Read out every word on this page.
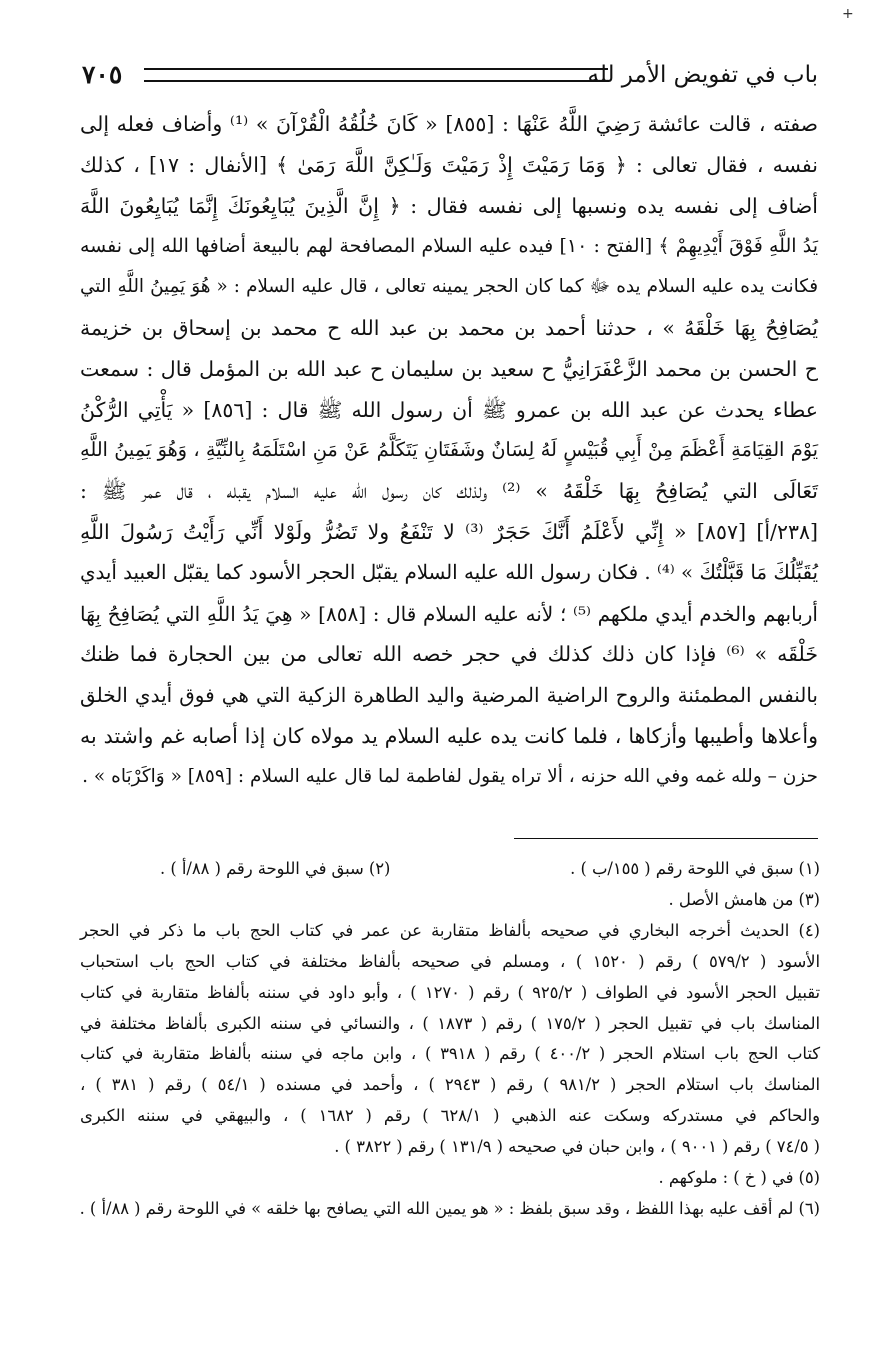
+
٧٠٥	باب في تفويض الأمر لله
صفته ، قالت عائشة رَضِيَ اللَّهُ عَنْهَا : [٨٥٥] « كَانَ خُلُقُهُ الْقُرْآنَ » ⁽¹⁾ وأضاف فعله إلى
نفسه ، فقال تعالى : ﴿ وَمَا رَمَيْتَ إِذْ رَمَيْتَ وَلَـٰكِنَّ اللَّهَ رَمَىٰ ﴾ [الأنفال : ١٧] ، كذلك
أضاف إلى نفسه يده ونسبها إلى نفسه فقال : ﴿ إِنَّ الَّذِينَ يُبَايِعُونَكَ إِنَّمَا يُبَايِعُونَ اللَّهَ
يَدُ اللَّهِ فَوْقَ أَيْدِيهِمْ ﴾ [الفتح : ١٠] فيده عليه السلام المصافحة لهم بالبيعة أضافها الله إلى نفسه
فكانت يده عليه السلام يده ﷻ كما كان الحجر يمينه تعالى ، قال عليه السلام : « هُوَ يَمِينُ اللَّهِ التي
يُصَافِحُ بِهَا خَلْقَهُ » ، حدثنا أحمد بن محمد بن عبد الله ح محمد بن إسحاق بن خزيمة
ح الحسن بن محمد الزَّعْفَرَانِيُّ ح سعيد بن سليمان ح عبد الله بن المؤمل قال : سمعت
عطاء يحدث عن عبد الله بن عمرو ﷺ أن رسول الله ﷺ قال : [٨٥٦] « يَأْتِي الرُّكْنُ
يَوْمَ القِيَامَةِ أَعْظَمَ مِنْ أَبِي قُبَيْسٍ لَهُ لِسَانٌ وشَفَتَانِ يَتَكَلَّمُ عَنْ مَنِ اسْتَلَمَهُ بِالنِّيَّةِ ، وَهُوَ يَمِينُ اللَّهِ
تَعَالَى التي يُصَافِحُ بِهَا خَلْقَهُ » ⁽²⁾ ولذلك كان رسول الله عليه السلام يقبله ، قال عمر ﷺ :
[٢٣٨/أ] [٨٥٧] « إِنِّي لأَعْلَمُ أَنَّكَ حَجَرٌ ⁽³⁾ لا تَنْفَعُ ولا تَضُرُّ ولَوْلا أَنِّي رَأَيْتُ رَسُولَ اللَّهِ
يُقَبِّلُكَ مَا قَبَّلْتُكَ » ⁽⁴⁾ . فكان رسول الله عليه السلام يقبّل الحجر الأسود كما يقبّل العبيد أيدي
أربابهم والخدم أيدي ملكهم ⁽⁵⁾ ؛ لأنه عليه السلام قال : [٨٥٨] « هِيَ يَدُ اللَّهِ التي يُصَافِحُ بِهَا
خَلْقَه » ⁽⁶⁾ فإذا كان ذلك كذلك في حجر خصه الله تعالى من بين الحجارة فما ظنك
بالنفس المطمئنة والروح الراضية المرضية واليد الطاهرة الزكية التي هي فوق أيدي الخلق
وأعلاها وأطيبها وأزكاها ، فلما كانت يده عليه السلام يد مولاه كان إذا أصابه غم واشتد به
حزن – ولله غمه وفي الله حزنه ، ألا تراه يقول لفاطمة لما قال عليه السلام : [٨٥٩] « وَاكَرْبَاه » .
(١) سبق في اللوحة رقم ( ١٥٥/ب ) .
(٢) سبق في اللوحة رقم ( ٨٨/أ ) .
(٣) من هامش الأصل .
(٤) الحديث أخرجه البخاري في صحيحه بألفاظ متقاربة عن عمر في كتاب الحج باب ما ذكر في الحجر
الأسود ( ٥٧٩/٢ ) رقم ( ١٥٢٠ ) ، ومسلم في صحيحه بألفاظ مختلفة في كتاب الحج باب استحباب
تقبيل الحجر الأسود في الطواف ( ٩٢٥/٢ ) رقم ( ١٢٧٠ ) ، وأبو داود في سننه بألفاظ متقاربة في كتاب
المناسك باب في تقبيل الحجر ( ١٧٥/٢ ) رقم ( ١٨٧٣ ) ، والنسائي في سننه الكبرى بألفاظ مختلفة في
كتاب الحج باب استلام الحجر ( ٤٠٠/٢ ) رقم ( ٣٩١٨ ) ، وابن ماجه في سننه بألفاظ متقاربة في كتاب
المناسك باب استلام الحجر ( ٩٨١/٢ ) رقم ( ٢٩٤٣ ) ، وأحمد في مسنده ( ٥٤/١ ) رقم ( ٣٨١ ) ،
والحاكم في مستدركه وسكت عنه الذهبي ( ٦٢٨/١ ) رقم ( ١٦٨٢ ) ، والبيهقي في سننه الكبرى
( ٧٤/٥ ) رقم ( ٩٠٠١ ) ، وابن حبان في صحيحه ( ١٣١/٩ ) رقم ( ٣٨٢٢ ) .
(٥) في ( خ ) : ملوكهم .
(٦) لم أقف عليه بهذا اللفظ ، وقد سبق بلفظ : « هو يمين الله التي يصافح بها خلقه » في اللوحة رقم ( ٨٨/أ ) .
